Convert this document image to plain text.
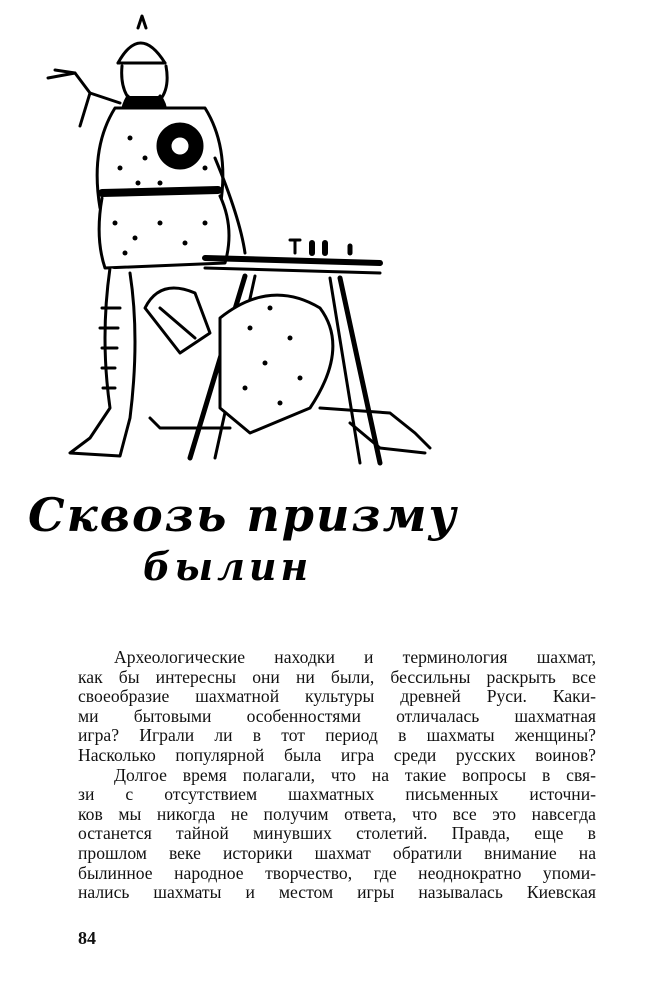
Сквозь призму
былин
Археологические находки и терминология шахмат,
как бы интересны они ни были, бессильны раскрыть все
своеобразие шахматной культуры древней Руси. Каки-
ми бытовыми особенностями отличалась шахматная
игра? Играли ли в тот период в шахматы женщины?
Насколько популярной была игра среди русских воинов?
Долгое время полагали, что на такие вопросы в свя-
зи с отсутствием шахматных письменных источни-
ков мы никогда не получим ответа, что все это навсегда
останется тайной минувших столетий. Правда, еще в
прошлом веке историки шахмат обратили внимание на
былинное народное творчество, где неоднократно упоми-
нались шахматы и местом игры называлась Киевская
84
